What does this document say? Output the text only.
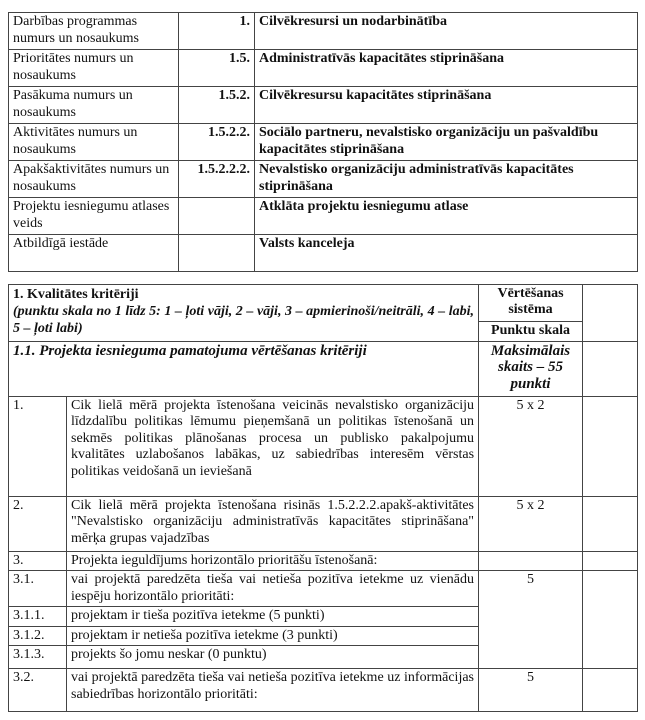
Darbības programmas numurs un nosaukums	1.	Cilvēkresursi un nodarbinātība
Prioritātes numurs un nosaukums	1.5.	Administratīvās kapacitātes stiprināšana
Pasākuma numurs un nosaukums	1.5.2.	Cilvēkresursu kapacitātes stiprināšana
Aktivitātes numurs un nosaukums	1.5.2.2.	Sociālo partneru, nevalstisko organizāciju un pašvaldību kapacitātes stiprināšana
Apakšaktivitātes numurs un nosaukums	1.5.2.2.2.	Nevalstisko organizāciju administratīvās kapacitātes stiprināšana
Projektu iesniegumu atlases veids		Atklāta projektu iesniegumu atlase
Atbildīgā iestāde		Valsts kanceleja
1. Kvalitātes kritēriji
(punktu skala no 1 līdz 5: 1 – ļoti vāji, 2 – vāji, 3 – apmierinoši/neitrāli, 4 – labi, 5 – ļoti labi)		Vērtēšanas sistēma	
		Punktu skala	
1.1. Projekta iesnieguma pamatojuma vērtēšanas kritēriji		Maksimālais skaits – 55 punkti	
1.	Cik lielā mērā projekta īstenošana veicinās nevalstisko organizāciju līdzdalību politikas lēmumu pieņemšanā un politikas īstenošanā un sekmēs politikas plānošanas procesa un publisko pakalpojumu kvalitātes uzlabošanos labākas, uz sabiedrības interesēm vērstas politikas veidošanā un ieviešanā	5 x 2	
2.	Cik lielā mērā projekta īstenošana risinās 1.5.2.2.2.apakš-aktivitātes "Nevalstisko organizāciju administratīvās kapacitātes stiprināšana" mērķa grupas vajadzības	5 x 2	
3.	Projekta ieguldījums horizontālo prioritāšu īstenošanā:		
3.1.	vai projektā paredzēta tieša vai netieša pozitīva ietekme uz vienādu iespēju horizontālo prioritāti:	5	
3.1.1.	projektam ir tieša pozitīva ietekme (5 punkti)		
3.1.2.	projektam ir netieša pozitīva ietekme (3 punkti)		
3.1.3.	projekts šo jomu neskar (0 punktu)		
3.2.	vai projektā paredzēta tieša vai netieša pozitīva ietekme uz informācijas sabiedrības horizontālo prioritāti:	5	
